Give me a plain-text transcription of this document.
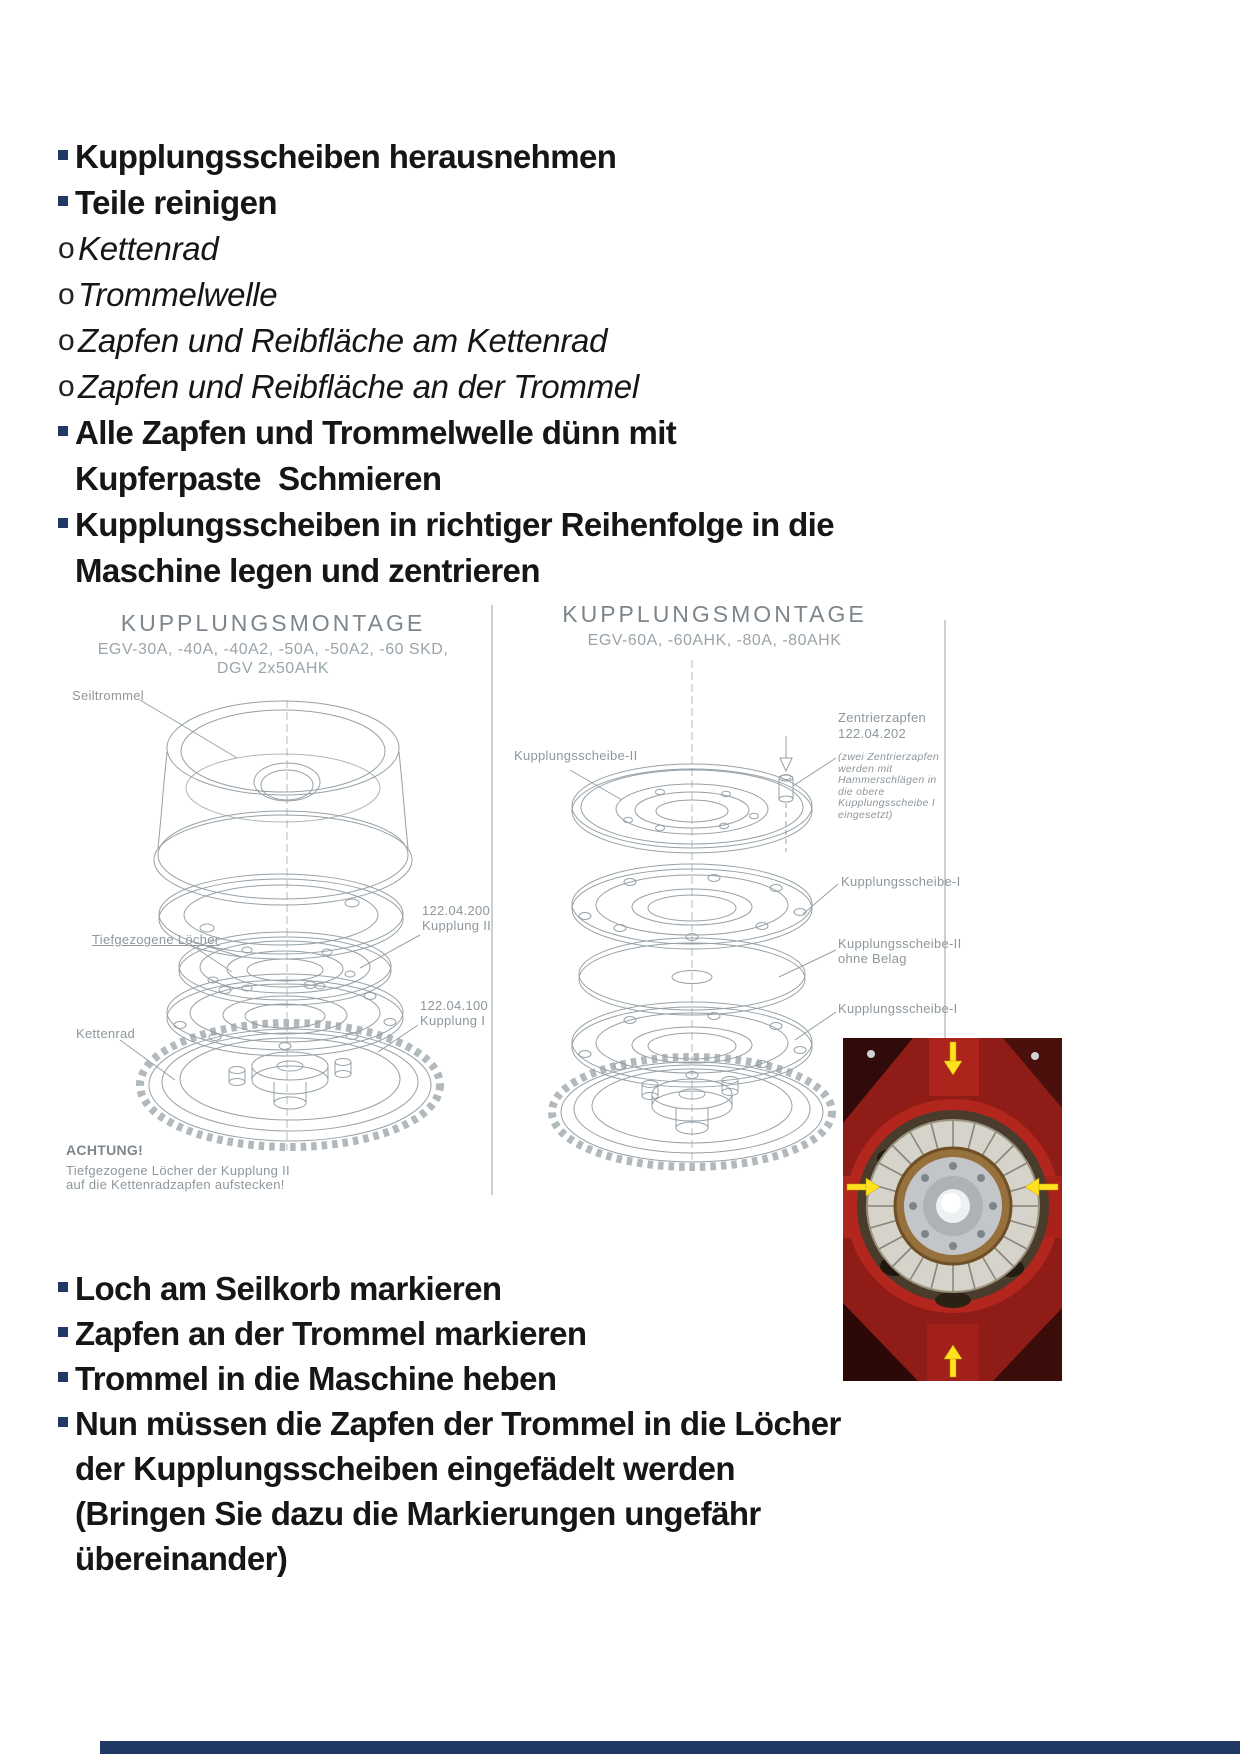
Kupplungsscheiben herausnehmen
Teile reinigen
o Kettenrad
o Trommelwelle
o Zapfen und Reibfläche am Kettenrad
o Zapfen und Reibfläche an der Trommel
Alle Zapfen und Trommelwelle dünn mit
Kupferpaste  Schmieren
Kupplungsscheiben in richtiger Reihenfolge in die
Maschine legen und zentrieren
KUPPLUNGSMONTAGE
EGV-30A, -40A, -40A2, -50A, -50A2, -60 SKD,
DGV 2x50AHK
KUPPLUNGSMONTAGE
EGV-60A, -60AHK, -80A, -80AHK
Seiltrommel
Tiefgezogene Löcher
Kettenrad
122.04.200
Kupplung II
122.04.100
Kupplung I
ACHTUNG!
Tiefgezogene Löcher der Kupplung II
auf die Kettenradzapfen aufstecken!
Kupplungsscheibe-II
Zentrierzapfen
122.04.202
(zwei Zentrierzapfen werden mit Hammerschlägen in die obere Kupplungsscheibe I eingesetzt)
Kupplungsscheibe-I
Kupplungsscheibe-II
ohne Belag
Kupplungsscheibe-I
Loch am Seilkorb markieren
Zapfen an der Trommel markieren
Trommel in die Maschine heben
Nun müssen die Zapfen der Trommel in die Löcher
der Kupplungsscheiben eingefädelt werden
(Bringen Sie dazu die Markierungen ungefähr
übereinander)
